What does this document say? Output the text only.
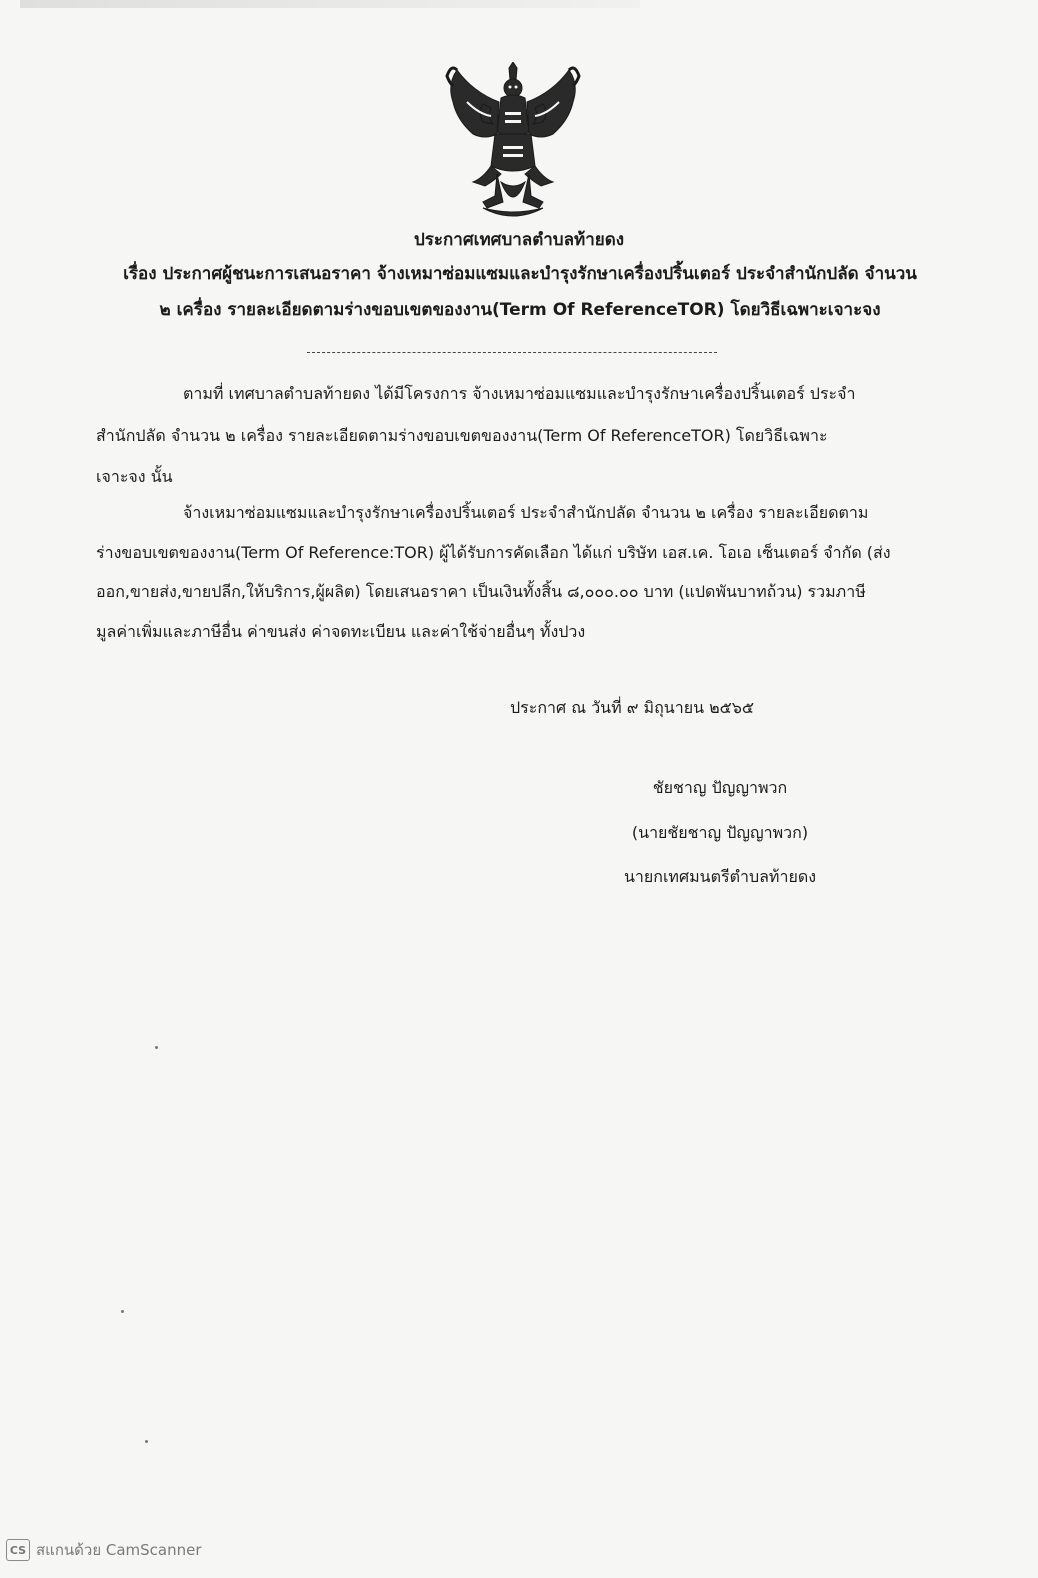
ประกาศเทศบาลตำบลท้ายดง
เรื่อง ประกาศผู้ชนะการเสนอราคา จ้างเหมาซ่อมแซมและบำรุงรักษาเครื่องปริ้นเตอร์ ประจำสำนักปลัด จำนวน
๒ เครื่อง รายละเอียดตามร่างขอบเขตของงาน(Term Of ReferenceTOR) โดยวิธีเฉพาะเจาะจง
ตามที่ เทศบาลตำบลท้ายดง ได้มีโครงการ จ้างเหมาซ่อมแซมและบำรุงรักษาเครื่องปริ้นเตอร์ ประจำ
สำนักปลัด จำนวน ๒ เครื่อง รายละเอียดตามร่างขอบเขตของงาน(Term Of ReferenceTOR) โดยวิธีเฉพาะ
เจาะจง นั้น
จ้างเหมาซ่อมแซมและบำรุงรักษาเครื่องปริ้นเตอร์ ประจำสำนักปลัด จำนวน ๒ เครื่อง รายละเอียดตาม
ร่างขอบเขตของงาน(Term Of Reference:TOR) ผู้ได้รับการคัดเลือก ได้แก่ บริษัท เอส.เค. โอเอ เซ็นเตอร์ จำกัด (ส่ง
ออก,ขายส่ง,ขายปลีก,ให้บริการ,ผู้ผลิต) โดยเสนอราคา เป็นเงินทั้งสิ้น ๘,๐๐๐.๐๐ บาท (แปดพันบาทถ้วน) รวมภาษี
มูลค่าเพิ่มและภาษีอื่น ค่าขนส่ง ค่าจดทะเบียน และค่าใช้จ่ายอื่นๆ ทั้งปวง
ประกาศ ณ วันที่ ๙ มิถุนายน ๒๕๖๕
ชัยชาญ ปัญญาพวก
(นายชัยชาญ ปัญญาพวก)
นายกเทศมนตรีตำบลท้ายดง
CS สแกนด้วย CamScanner
